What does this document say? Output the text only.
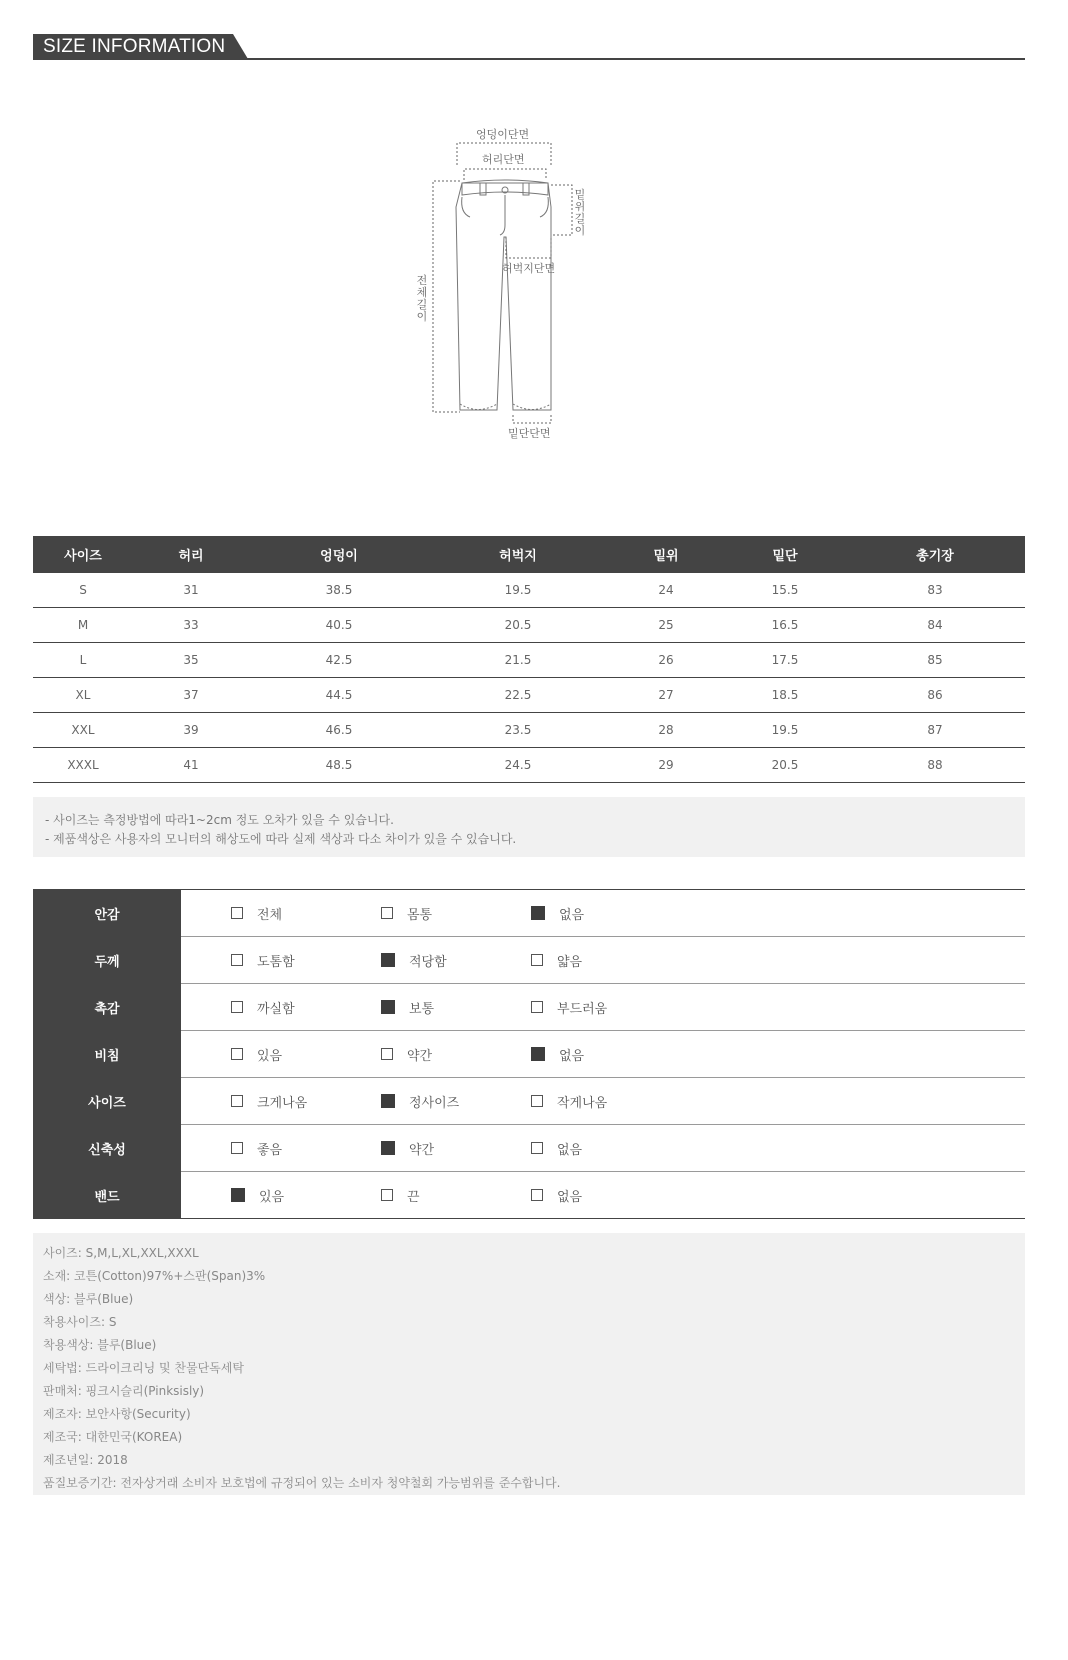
SIZE INFORMATION
엉덩이단면
허리단면
밑위길이
허벅지단면
전체길이
밑단단면
사이즈	허리	엉덩이	허벅지	밑위	밑단	총기장
S	31	38.5	19.5	24	15.5	83
M	33	40.5	20.5	25	16.5	84
L	35	42.5	21.5	26	17.5	85
XL	37	44.5	22.5	27	18.5	86
XXL	39	46.5	23.5	28	19.5	87
XXXL	41	48.5	24.5	29	20.5	88
- 사이즈는 측정방법에 따라1~2cm 정도 오차가 있을 수 있습니다.
- 제품색상은 사용자의 모니터의 해상도에 따라 실제 색상과 다소 차이가 있을 수 있습니다.
안감	전체	몸통	없음
두께	도톰함	적당함	얇음
촉감	까실함	보통	부드러움
비침	있음	약간	없음
사이즈	크게나옴	정사이즈	작게나옴
신축성	좋음	약간	없음
밴드	있음	끈	없음
사이즈: S,M,L,XL,XXL,XXXL
소재: 코튼(Cotton)97%+스판(Span)3%
색상: 블루(Blue)
착용사이즈: S
착용색상: 블루(Blue)
세탁법: 드라이크리닝 및 찬물단독세탁
판매처: 핑크시슬리(Pinksisly)
제조자: 보안사항(Security)
제조국: 대한민국(KOREA)
제조년일: 2018
품질보증기간: 전자상거래 소비자 보호법에 규정되어 있는 소비자 청약철회 가능범위를 준수합니다.
